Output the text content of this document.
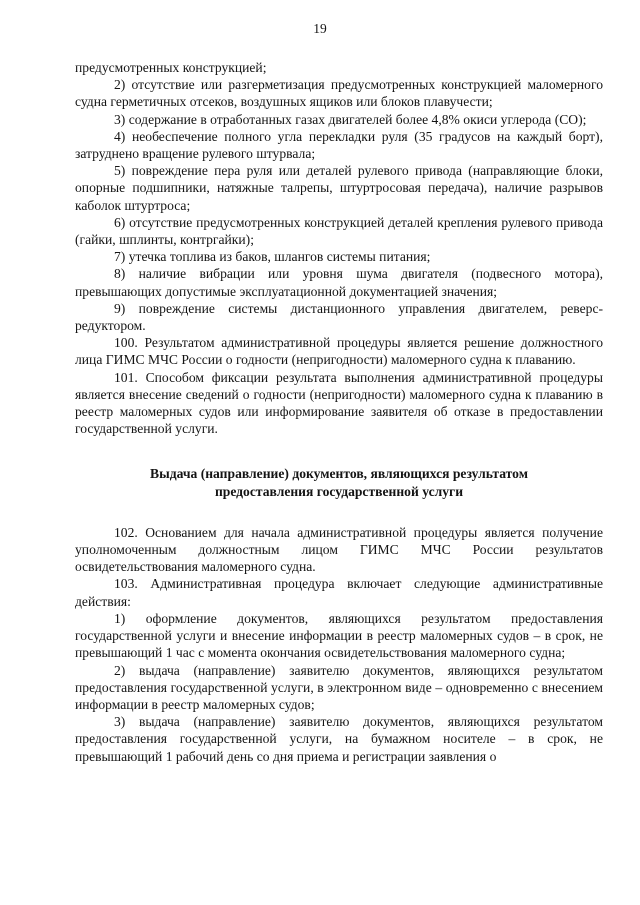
19

предусмотренных конструкцией;

2) отсутствие или разгерметизация предусмотренных конструкцией маломерного судна герметичных отсеков, воздушных ящиков или блоков плавучести;

3) содержание в отработанных газах двигателей более 4,8% окиси углерода (СО);

4) необеспечение полного угла перекладки руля (35 градусов на каждый борт), затруднено вращение рулевого штурвала;

5) повреждение пера руля или деталей рулевого привода (направляющие блоки, опорные подшипники, натяжные талрепы, штуртросовая передача), наличие разрывов каболок штуртроса;

6) отсутствие предусмотренных конструкцией деталей крепления рулевого привода (гайки, шплинты, контргайки);

7) утечка топлива из баков, шлангов системы питания;

8) наличие вибрации или уровня шума двигателя (подвесного мотора), превышающих допустимые эксплуатационной документацией значения;

9) повреждение системы дистанционного управления двигателем, реверс-редуктором.

100. Результатом административной процедуры является решение должностного лица ГИМС МЧС России о годности (непригодности) маломерного судна к плаванию.

101. Способом фиксации результата выполнения административной процедуры является внесение сведений о годности (непригодности) маломерного судна к плаванию в реестр маломерных судов или информирование заявителя об отказе в предоставлении государственной услуги.

Выдача (направление) документов, являющихся результатом
предоставления государственной услуги

102. Основанием для начала административной процедуры является получение уполномоченным должностным лицом ГИМС МЧС России результатов освидетельствования маломерного судна.

103. Административная процедура включает следующие административные действия:

1) оформление документов, являющихся результатом предоставления государственной услуги и внесение информации в реестр маломерных судов – в срок, не превышающий 1 час с момента окончания освидетельствования маломерного судна;

2) выдача (направление) заявителю документов, являющихся результатом предоставления государственной услуги, в электронном виде – одновременно с внесением информации в реестр маломерных судов;

3) выдача (направление) заявителю документов, являющихся результатом предоставления государственной услуги, на бумажном носителе – в срок, не превышающий 1 рабочий день со дня приема и регистрации заявления о
